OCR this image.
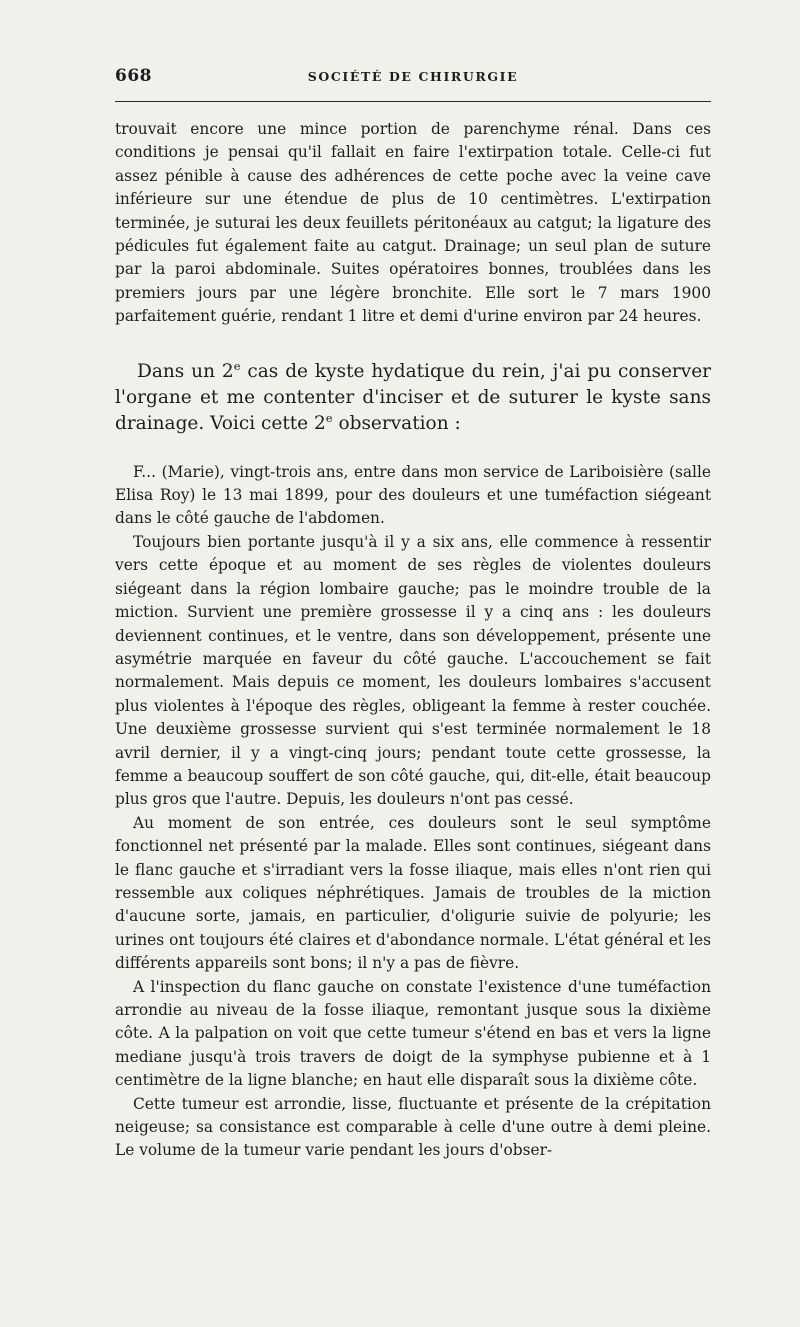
668	SOCIÉTÉ DE CHIRURGIE

trouvait encore une mince portion de parenchyme rénal. Dans ces conditions je pensai qu'il fallait en faire l'extirpation totale. Celle-ci fut assez pénible à cause des adhérences de cette poche avec la veine cave inférieure sur une étendue de plus de 10 centimètres. L'extirpation terminée, je suturai les deux feuillets péritonéaux au catgut; la ligature des pédicules fut également faite au catgut. Drainage; un seul plan de suture par la paroi abdominale. Suites opératoires bonnes, troublées dans les premiers jours par une légère bronchite. Elle sort le 7 mars 1900 parfaitement guérie, rendant 1 litre et demi d'urine environ par 24 heures.

Dans un 2e cas de kyste hydatique du rein, j'ai pu conserver l'organe et me contenter d'inciser et de suturer le kyste sans drainage. Voici cette 2e observation :

F... (Marie), vingt-trois ans, entre dans mon service de Lariboisière (salle Elisa Roy) le 13 mai 1899, pour des douleurs et une tuméfaction siégeant dans le côté gauche de l'abdomen.

Toujours bien portante jusqu'à il y a six ans, elle commence à ressentir vers cette époque et au moment de ses règles de violentes douleurs siégeant dans la région lombaire gauche; pas le moindre trouble de la miction. Survient une première grossesse il y a cinq ans : les douleurs deviennent continues, et le ventre, dans son développement, présente une asymétrie marquée en faveur du côté gauche. L'accouchement se fait normalement. Mais depuis ce moment, les douleurs lombaires s'accusent plus violentes à l'époque des règles, obligeant la femme à rester couchée. Une deuxième grossesse survient qui s'est terminée normalement le 18 avril dernier, il y a vingt-cinq jours; pendant toute cette grossesse, la femme a beaucoup souffert de son côté gauche, qui, dit-elle, était beaucoup plus gros que l'autre. Depuis, les douleurs n'ont pas cessé.

Au moment de son entrée, ces douleurs sont le seul symptôme fonctionnel net présenté par la malade. Elles sont continues, siégeant dans le flanc gauche et s'irradiant vers la fosse iliaque, mais elles n'ont rien qui ressemble aux coliques néphrétiques. Jamais de troubles de la miction d'aucune sorte, jamais, en particulier, d'oligurie suivie de polyurie; les urines ont toujours été claires et d'abondance normale. L'état général et les différents appareils sont bons; il n'y a pas de fièvre.

A l'inspection du flanc gauche on constate l'existence d'une tuméfaction arrondie au niveau de la fosse iliaque, remontant jusque sous la dixième côte. A la palpation on voit que cette tumeur s'étend en bas et vers la ligne mediane jusqu'à trois travers de doigt de la symphyse pubienne et à 1 centimètre de la ligne blanche; en haut elle disparaît sous la dixième côte.

Cette tumeur est arrondie, lisse, fluctuante et présente de la crépitation neigeuse; sa consistance est comparable à celle d'une outre à demi pleine. Le volume de la tumeur varie pendant les jours d'obser-
